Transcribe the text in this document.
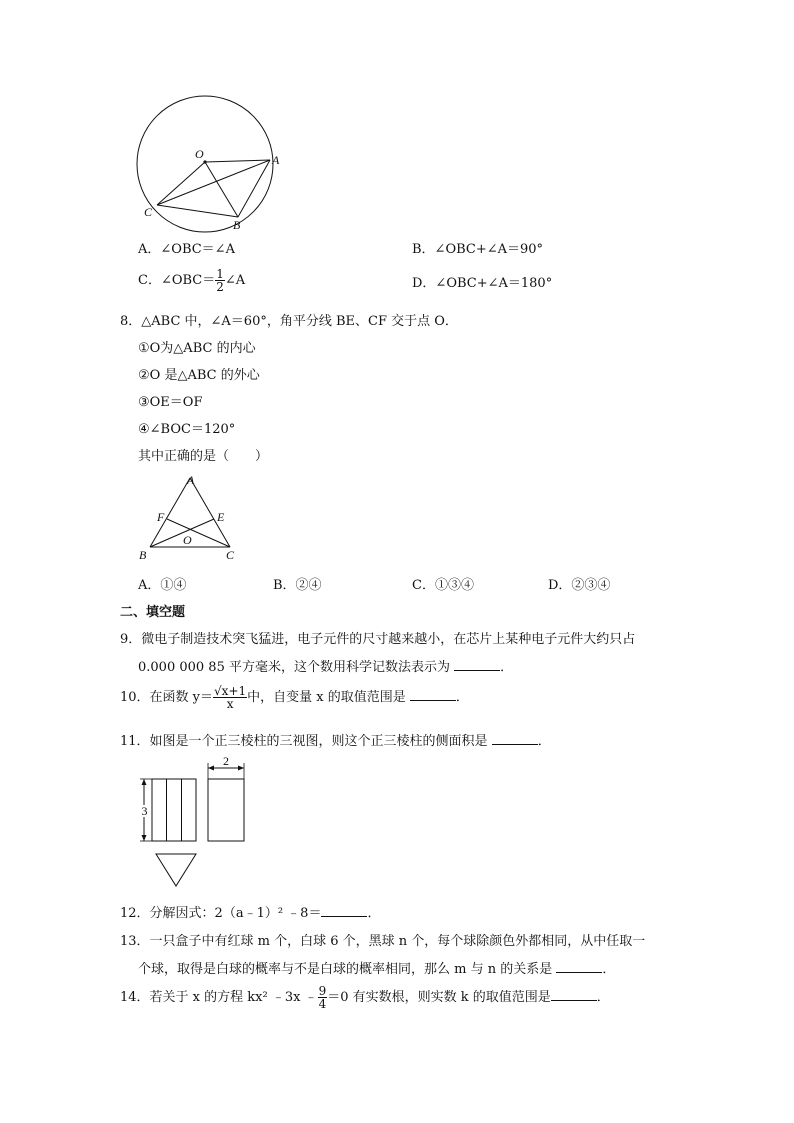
O	A
B
C
A．∠OBC＝∠A	B．∠OBC+∠A＝90°
C．∠OBC＝ $\frac{1}{2}$ ∠A	D．∠OBC+∠A＝180°
8．△ABC 中，∠A＝60°，角平分线 BE、CF 交于点 O．
①O为△ABC 的内心
②O 是△ABC 的外心
③OE＝OF
④∠BOC＝120°
其中正确的是（　　）
A
B	C
E
F
O
A．①④	B．②④	C．①③④	D．②③④
二、填空题
9．微电子制造技术突飞猛进，电子元件的尺寸越来越小，在芯片上某种电子元件大约只占
0.000 000 85 平方毫米，这个数用科学记数法表示为	．
10．在函数 $y= \frac{√x+1}{x}$ 中，自变量 x 的取值范围是	．
11．如图是一个正三棱柱的三视图，则这个正三棱柱的侧面积是	．
3
2
12．分解因式：2（a﹣1）² ﹣8＝	．
13．一只盒子中有红球 m 个，白球 6 个，黑球 n 个，每个球除颜色外都相同，从中任取一
个球，取得是白球的概率与不是白球的概率相同，那么 m 与 n 的关系是	．
14．若关于 x 的方程 kx² ﹣3x ﹣ $\frac{9}{4} =0$ 有实数根，则实数 k 的取值范围是	．
